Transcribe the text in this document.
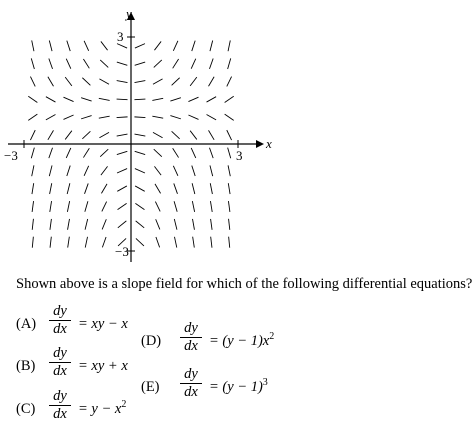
x
y
−3	3
3
−3
Shown above is a slope field for which of the following differential equations?
(A)
dy
dx = xy − x
(B)
dy
dx = xy + x
(C)
dy
dx = $y - x^2$
(D)
dy
dx = $(y - 1)x^2$
(E)
dy
dx = $(y - 1)^3$
